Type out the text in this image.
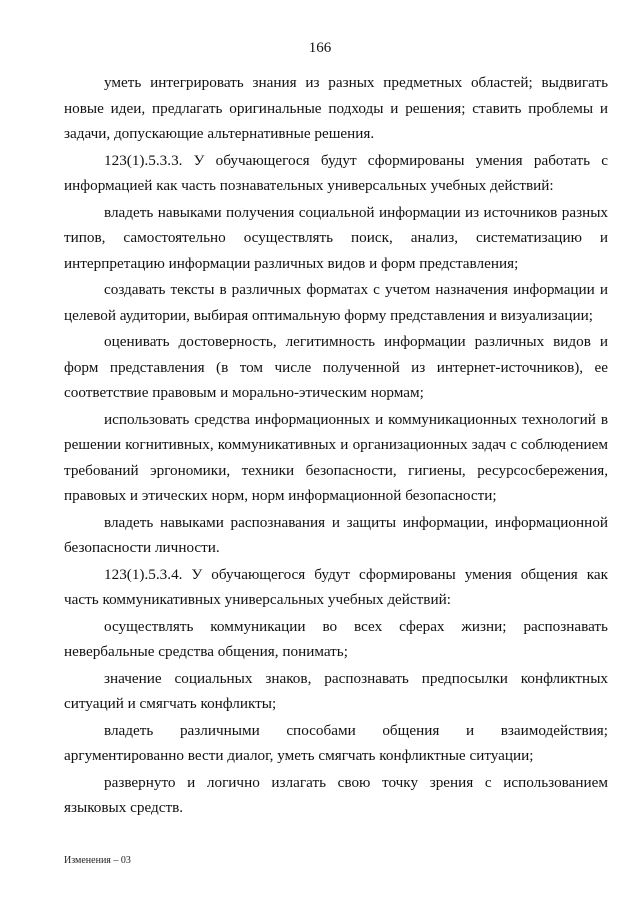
166

уметь интегрировать знания из разных предметных областей; выдвигать новые идеи, предлагать оригинальные подходы и решения; ставить проблемы и задачи, допускающие альтернативные решения.

123(1).5.3.3. У обучающегося будут сформированы умения работать с информацией как часть познавательных универсальных учебных действий:

владеть навыками получения социальной информации из источников разных типов, самостоятельно осуществлять поиск, анализ, систематизацию и интерпретацию информации различных видов и форм представления;

создавать тексты в различных форматах с учетом назначения информации и целевой аудитории, выбирая оптимальную форму представления и визуализации;

оценивать достоверность, легитимность информации различных видов и форм представления (в том числе полученной из интернет-источников), ее соответствие правовым и морально-этическим нормам;

использовать средства информационных и коммуникационных технологий в решении когнитивных, коммуникативных и организационных задач с соблюдением требований эргономики, техники безопасности, гигиены, ресурсосбережения, правовых и этических норм, норм информационной безопасности;

владеть навыками распознавания и защиты информации, информационной безопасности личности.

123(1).5.3.4. У обучающегося будут сформированы умения общения как часть коммуникативных универсальных учебных действий:

осуществлять коммуникации во всех сферах жизни; распознавать невербальные средства общения, понимать;

значение социальных знаков, распознавать предпосылки конфликтных ситуаций и смягчать конфликты;

владеть различными способами общения и взаимодействия; аргументированно вести диалог, уметь смягчать конфликтные ситуации;

развернуто и логично излагать свою точку зрения с использованием языковых средств.

Изменения – 03
